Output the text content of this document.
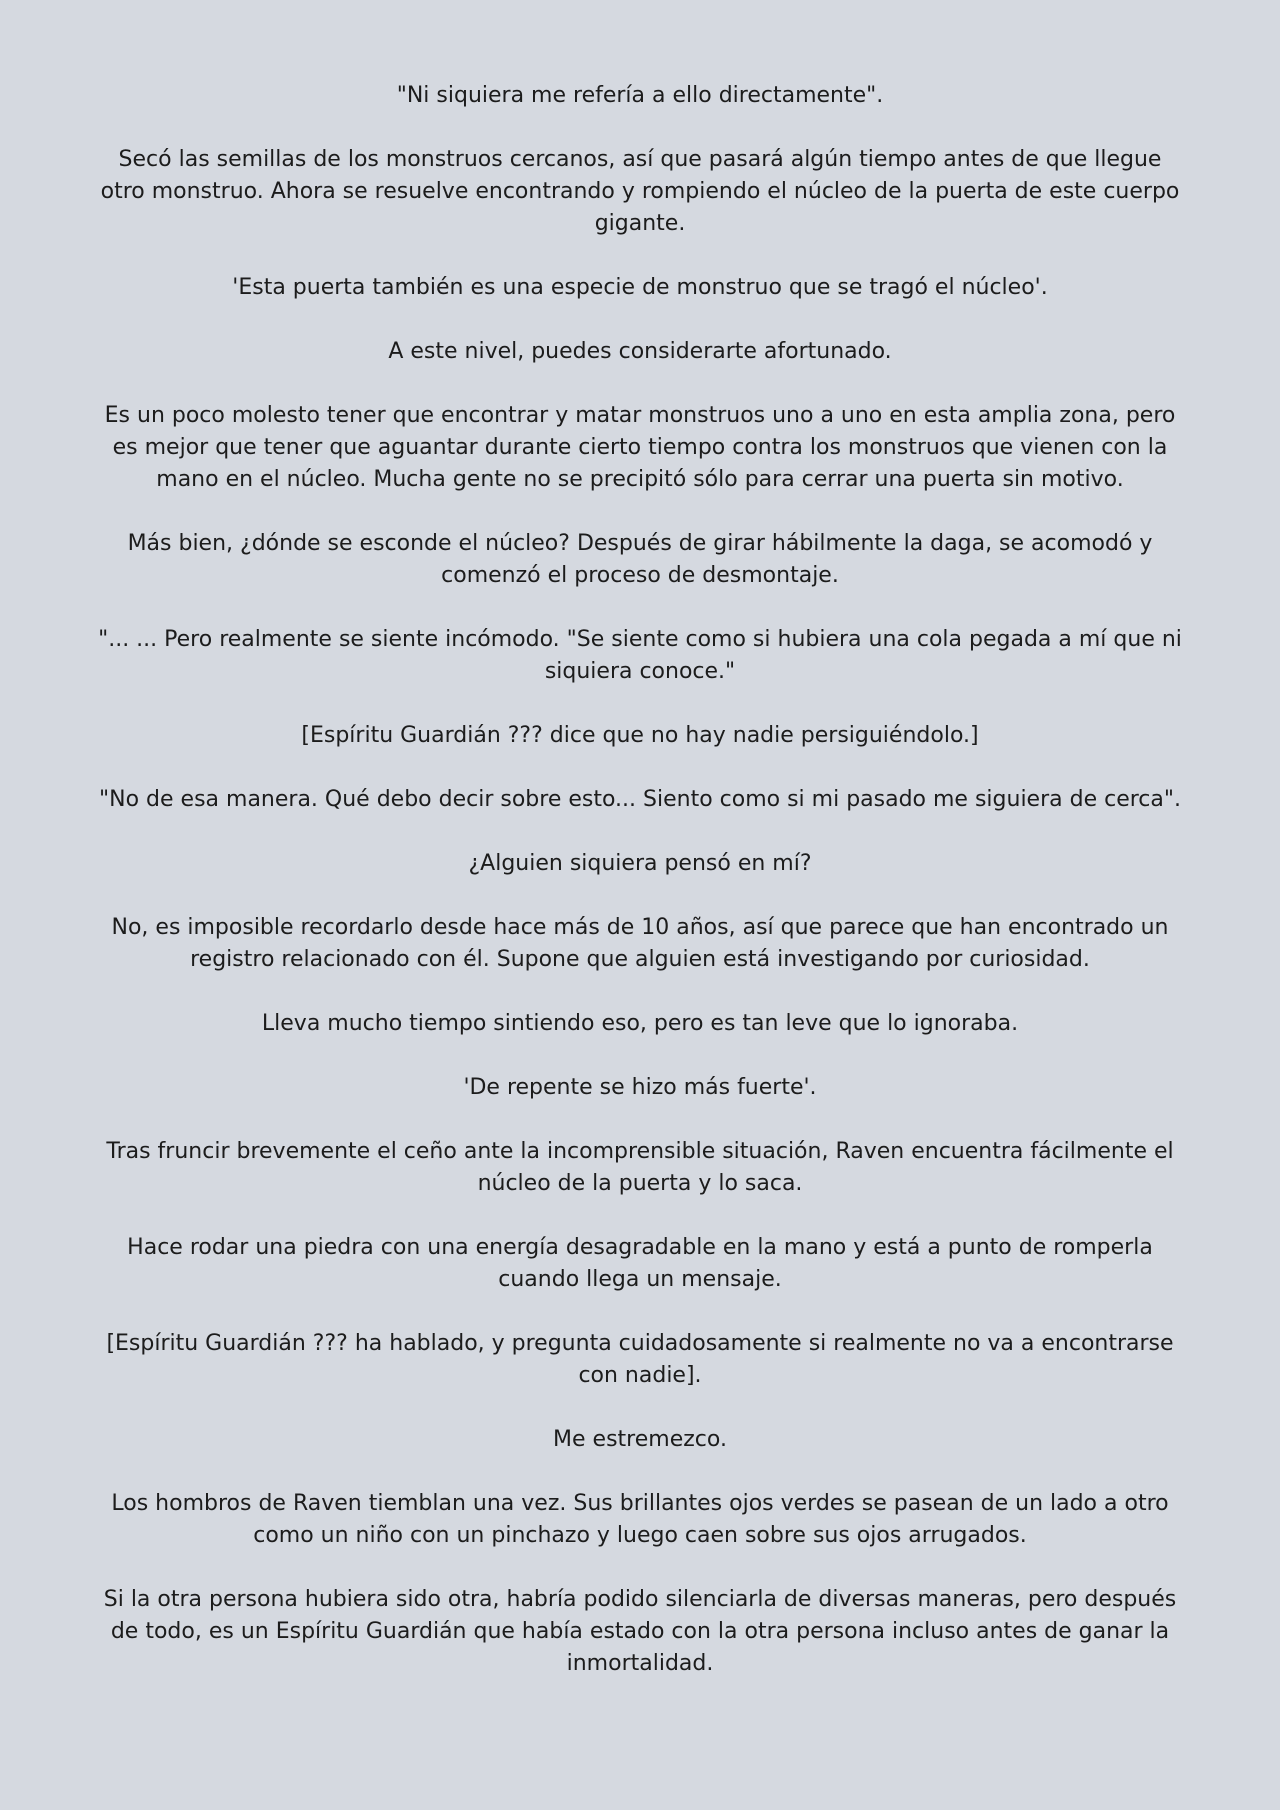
"Ni siquiera me refería a ello directamente".

Secó las semillas de los monstruos cercanos, así que pasará algún tiempo antes de que llegue otro monstruo. Ahora se resuelve encontrando y rompiendo el núcleo de la puerta de este cuerpo gigante.

'Esta puerta también es una especie de monstruo que se tragó el núcleo'.

A este nivel, puedes considerarte afortunado.

Es un poco molesto tener que encontrar y matar monstruos uno a uno en esta amplia zona, pero es mejor que tener que aguantar durante cierto tiempo contra los monstruos que vienen con la mano en el núcleo. Mucha gente no se precipitó sólo para cerrar una puerta sin motivo.

Más bien, ¿dónde se esconde el núcleo? Después de girar hábilmente la daga, se acomodó y comenzó el proceso de desmontaje.

"... ... Pero realmente se siente incómodo. "Se siente como si hubiera una cola pegada a mí que ni siquiera conoce."

[Espíritu Guardián ??? dice que no hay nadie persiguiéndolo.]

"No de esa manera. Qué debo decir sobre esto... Siento como si mi pasado me siguiera de cerca".

¿Alguien siquiera pensó en mí?

No, es imposible recordarlo desde hace más de 10 años, así que parece que han encontrado un registro relacionado con él. Supone que alguien está investigando por curiosidad.

Lleva mucho tiempo sintiendo eso, pero es tan leve que lo ignoraba.

'De repente se hizo más fuerte'.

Tras fruncir brevemente el ceño ante la incomprensible situación, Raven encuentra fácilmente el núcleo de la puerta y lo saca.

Hace rodar una piedra con una energía desagradable en la mano y está a punto de romperla cuando llega un mensaje.

[Espíritu Guardián ??? ha hablado, y pregunta cuidadosamente si realmente no va a encontrarse con nadie].

Me estremezco.

Los hombros de Raven tiemblan una vez. Sus brillantes ojos verdes se pasean de un lado a otro como un niño con un pinchazo y luego caen sobre sus ojos arrugados.

Si la otra persona hubiera sido otra, habría podido silenciarla de diversas maneras, pero después de todo, es un Espíritu Guardián que había estado con la otra persona incluso antes de ganar la inmortalidad.
